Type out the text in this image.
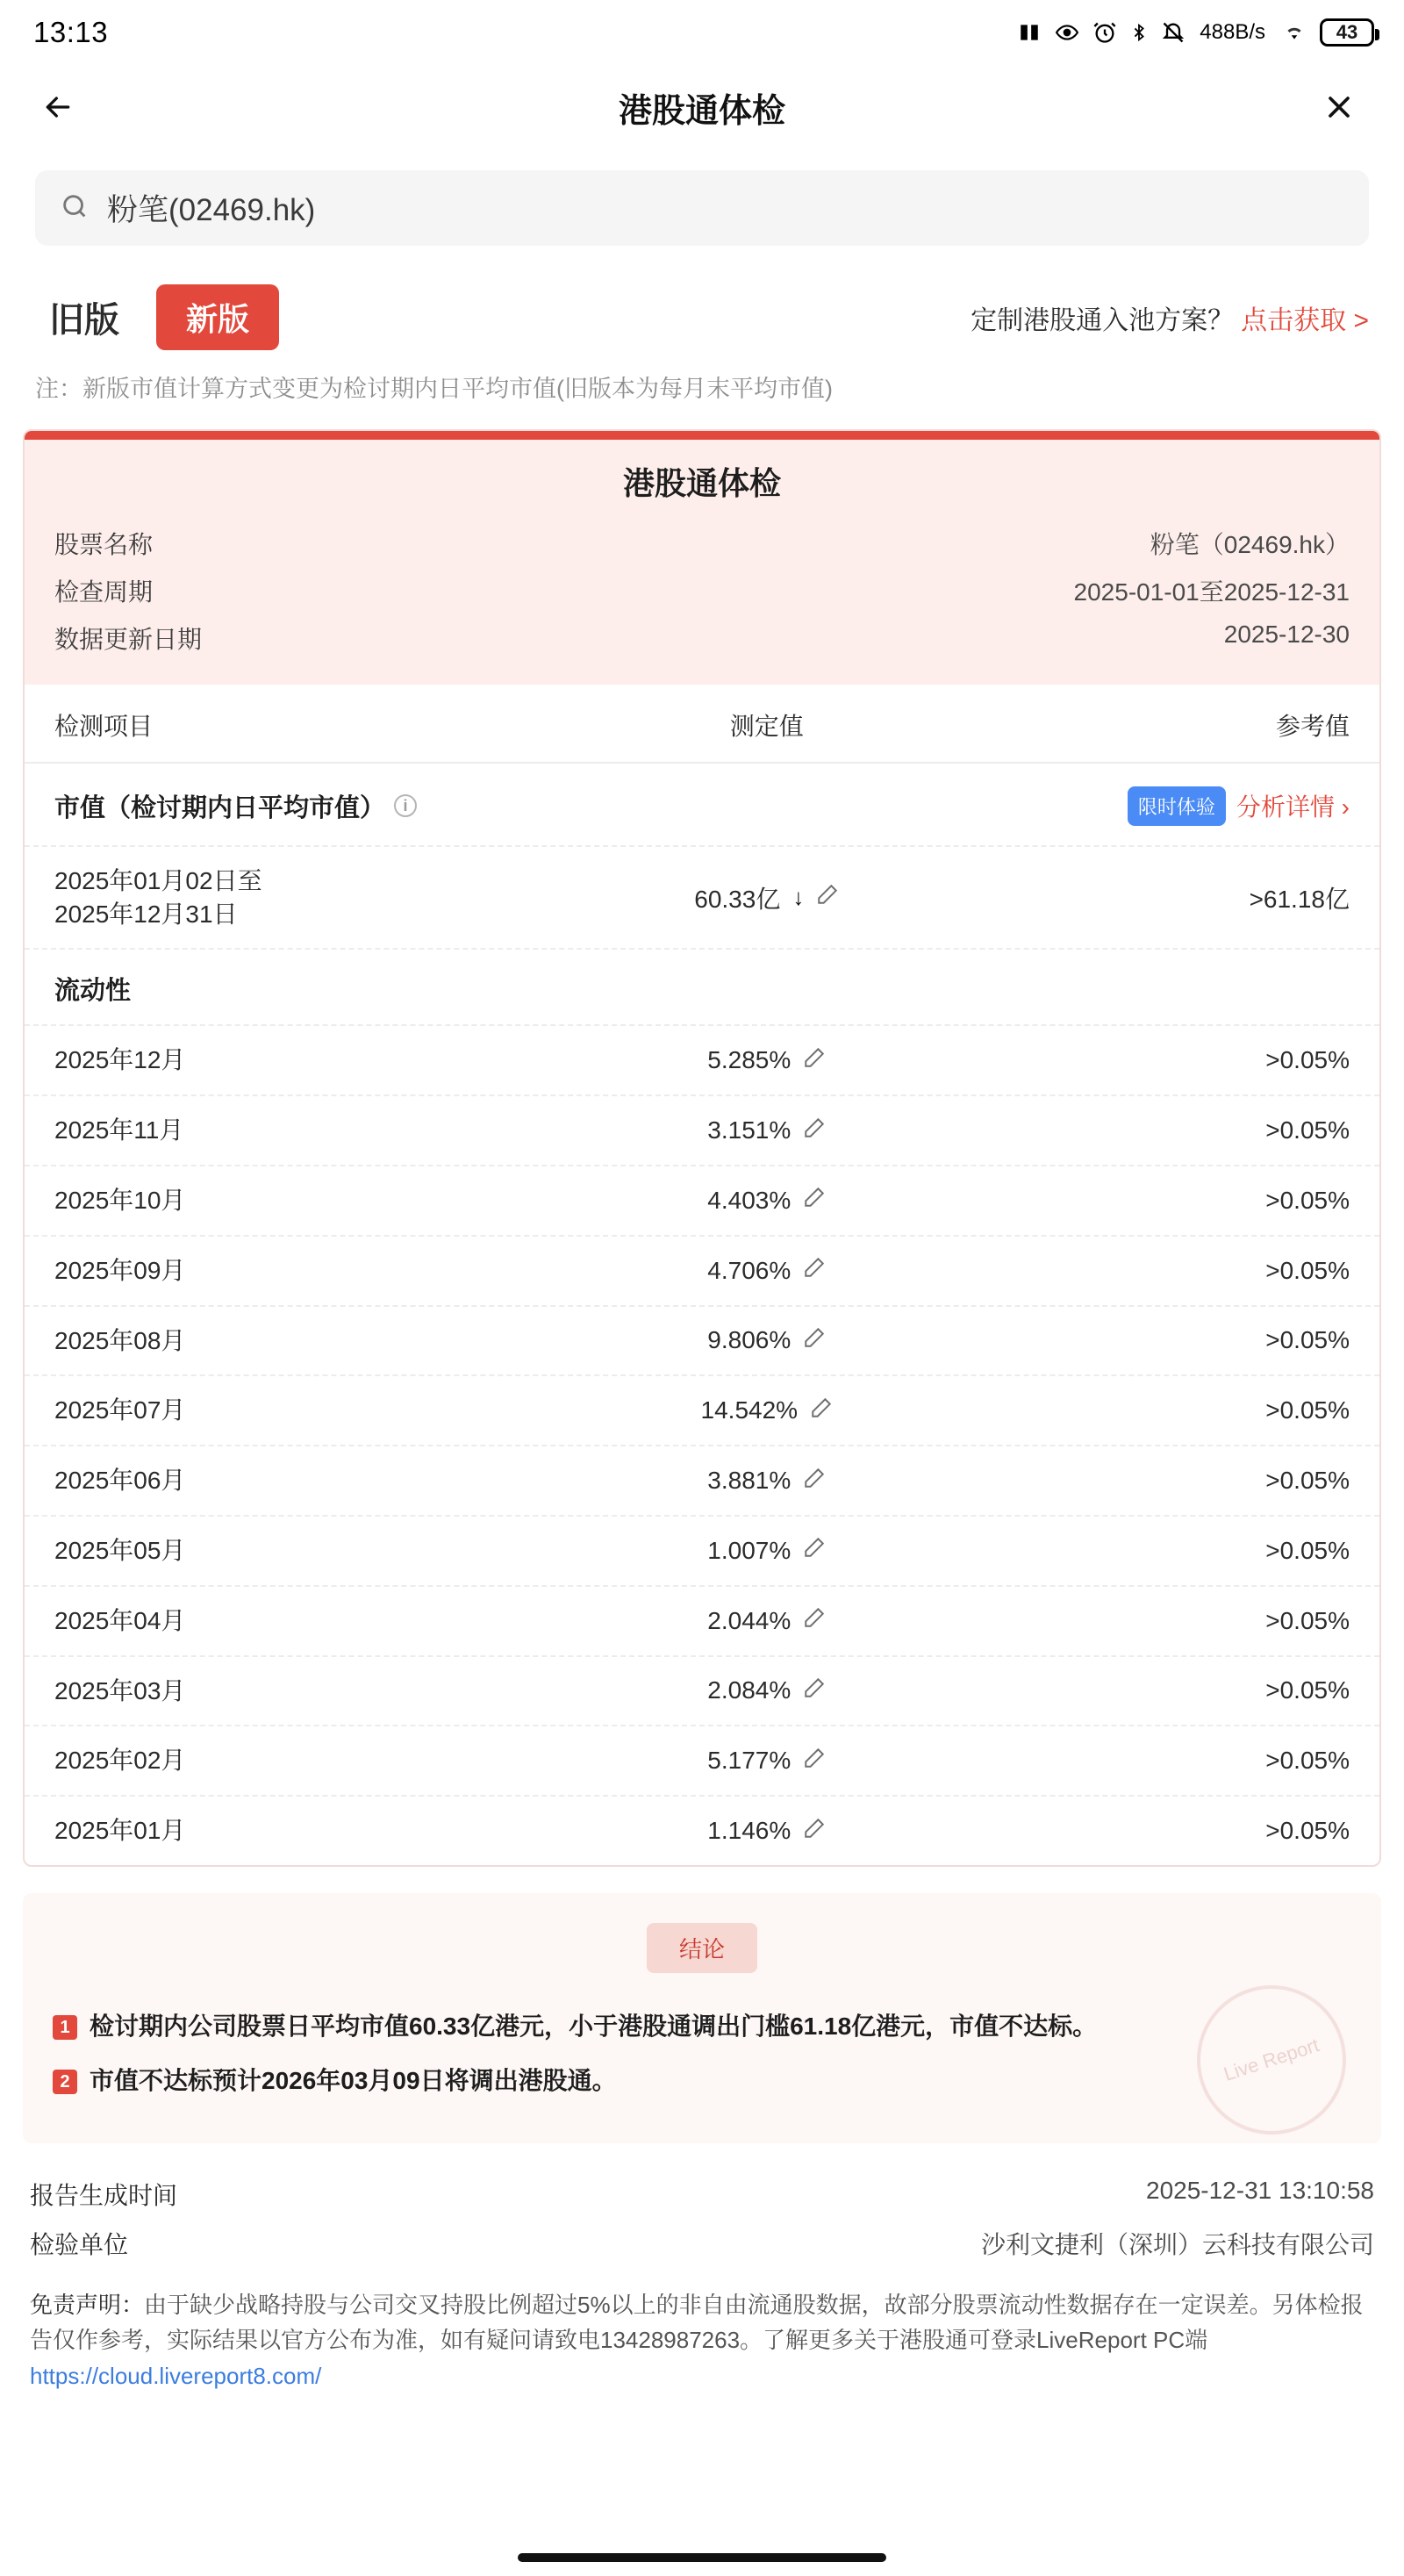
13:13	488B/s	43
港股通体检
粉笔(02469.hk)
旧版	新版	定制港股通入池方案？ 点击获取 >
注：新版市值计算方式变更为检讨期内日平均市值(旧版本为每月末平均市值)
港股通体检
股票名称	粉笔（02469.hk）
检查周期	2025-01-01至2025-12-31
数据更新日期	2025-12-30
检测项目	测定值	参考值
市值（检讨期内日平均市值）	i	限时体验 分析详情 ›
2025年01月02日至
2025年12月31日
60.33亿 ↓	>61.18亿
流动性
2025年12月	5.285%	>0.05%
2025年11月	3.151%	>0.05%
2025年10月	4.403%	>0.05%
2025年09月	4.706%	>0.05%
2025年08月	9.806%	>0.05%
2025年07月	14.542%	>0.05%
2025年06月	3.881%	>0.05%
2025年05月	1.007%	>0.05%
2025年04月	2.044%	>0.05%
2025年03月	2.084%	>0.05%
2025年02月	5.177%	>0.05%
2025年01月	1.146%	>0.05%
结论
1 检讨期内公司股票日平均市值60.33亿港元，小于港股通调出门槛61.18亿港元，市值不达标。
2 市值不达标预计2026年03月09日将调出港股通。	Live Report
报告生成时间	2025-12-31 13:10:58
检验单位	沙利文捷利（深圳）云科技有限公司
免责声明：由于缺少战略持股与公司交叉持股比例超过5%以上的非自由流通股数据，故部分股票流动性数据存在一定误差。另体检报告仅作参考，实际结果以官方公布为准，如有疑问请致电13428987263。了解更多关于港股通可登录LiveReport PC端https://cloud.livereport8.com/
